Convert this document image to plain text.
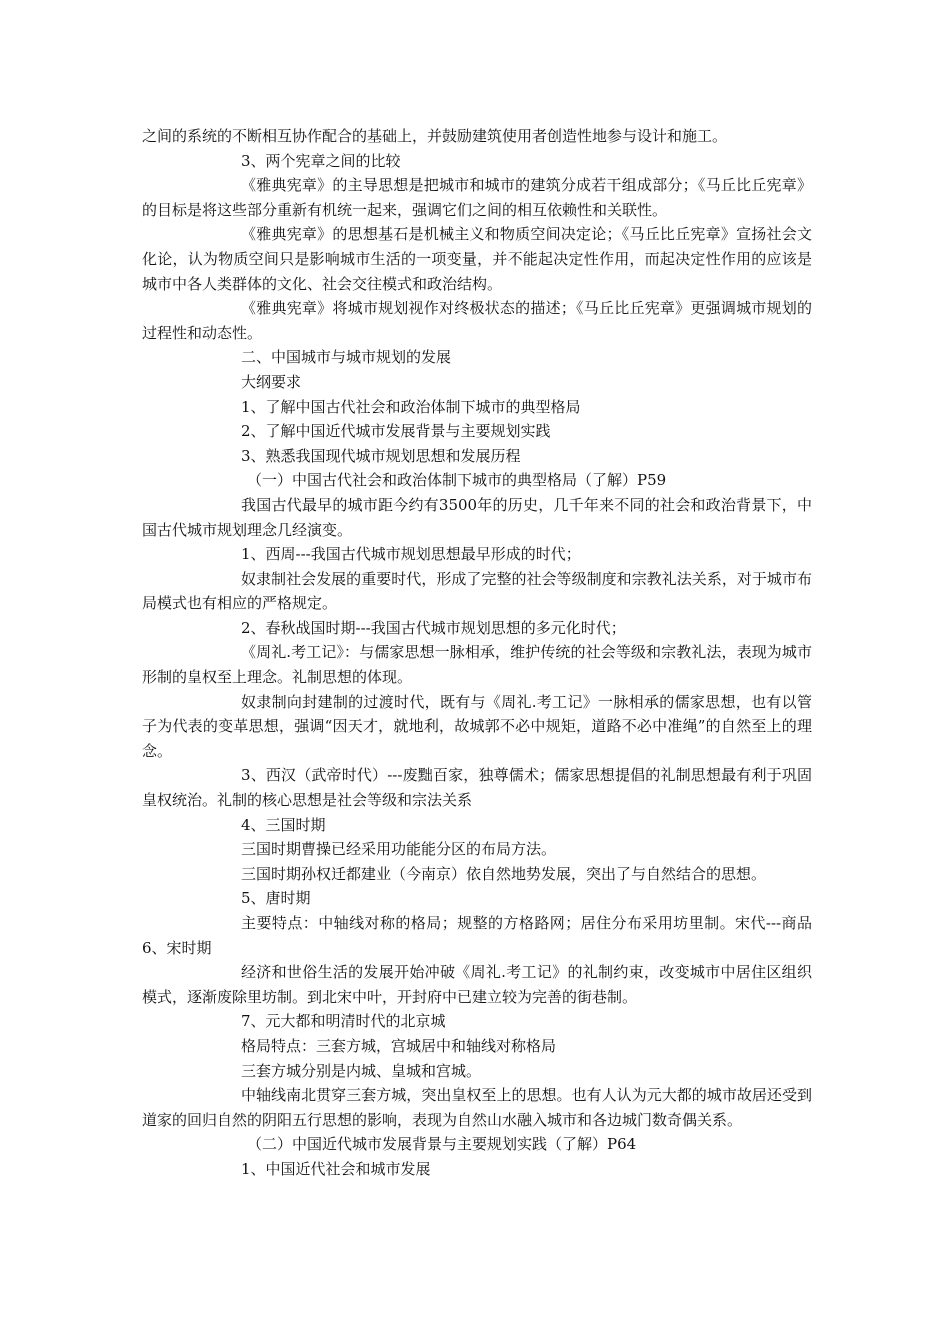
之间的系统的不断相互协作配合的基础上，并鼓励建筑使用者创造性地参与设计和施工。

3、两个宪章之间的比较

《雅典宪章》的主导思想是把城市和城市的建筑分成若干组成部分；《马丘比丘宪章》的目标是将这些部分重新有机统一起来，强调它们之间的相互依赖性和关联性。

《雅典宪章》的思想基石是机械主义和物质空间决定论；《马丘比丘宪章》宣扬社会文化论，认为物质空间只是影响城市生活的一项变量，并不能起决定性作用，而起决定性作用的应该是城市中各人类群体的文化、社会交往模式和政治结构。

《雅典宪章》将城市规划视作对终极状态的描述；《马丘比丘宪章》更强调城市规划的过程性和动态性。

二、中国城市与城市规划的发展

大纲要求

1、了解中国古代社会和政治体制下城市的典型格局

2、了解中国近代城市发展背景与主要规划实践

3、熟悉我国现代城市规划思想和发展历程

（一）中国古代社会和政治体制下城市的典型格局（了解）P59

我国古代最早的城市距今约有3500年的历史，几千年来不同的社会和政治背景下，中国古代城市规划理念几经演变。

1、西周---我国古代城市规划思想最早形成的时代；

奴隶制社会发展的重要时代，形成了完整的社会等级制度和宗教礼法关系，对于城市布局模式也有相应的严格规定。

2、春秋战国时期---我国古代城市规划思想的多元化时代；

《周礼.考工记》：与儒家思想一脉相承，维护传统的社会等级和宗教礼法，表现为城市形制的皇权至上理念。礼制思想的体现。

奴隶制向封建制的过渡时代，既有与《周礼.考工记》一脉相承的儒家思想，也有以管子为代表的变革思想，强调“因天才，就地利，故城郭不必中规矩，道路不必中准绳”的自然至上的理念。

3、西汉（武帝时代）---废黜百家，独尊儒术；儒家思想提倡的礼制思想最有利于巩固皇权统治。礼制的核心思想是社会等级和宗法关系

4、三国时期

三国时期曹操已经采用功能能分区的布局方法。

三国时期孙权迁都建业（今南京）依自然地势发展，突出了与自然结合的思想。

5、唐时期

主要特点：中轴线对称的格局；规整的方格路网；居住分布采用坊里制。宋代---商品6、宋时期

经济和世俗生活的发展开始冲破《周礼.考工记》的礼制约束，改变城市中居住区组织模式，逐渐废除里坊制。到北宋中叶，开封府中已建立较为完善的街巷制。

7、元大都和明清时代的北京城

格局特点：三套方城，宫城居中和轴线对称格局

三套方城分别是内城、皇城和宫城。

中轴线南北贯穿三套方城，突出皇权至上的思想。也有人认为元大都的城市故居还受到道家的回归自然的阴阳五行思想的影响，表现为自然山水融入城市和各边城门数奇偶关系。

（二）中国近代城市发展背景与主要规划实践（了解）P64

1、中国近代社会和城市发展
